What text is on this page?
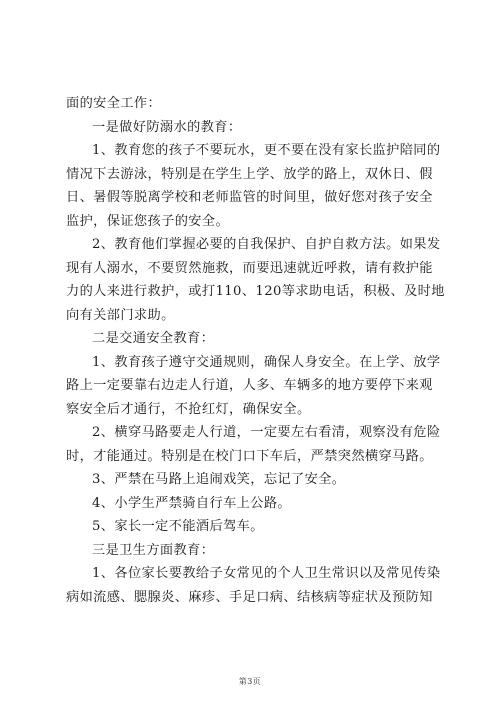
面的安全工作：
一是做好防溺水的教育：
1、教育您的孩子不要玩水，更不要在没有家长监护陪同的
情况下去游泳，特别是在学生上学、放学的路上，双休日、假
日、暑假等脱离学校和老师监管的时间里，做好您对孩子安全
监护，保证您孩子的安全。
2、教育他们掌握必要的自我保护、自护自救方法。如果发
现有人溺水，不要贸然施救，而要迅速就近呼救，请有救护能
力的人来进行救护，或打110、120等求助电话，积极、及时地
向有关部门求助。
二是交通安全教育：
1、教育孩子遵守交通规则，确保人身安全。在上学、放学
路上一定要靠右边走人行道，人多、车辆多的地方要停下来观
察安全后才通行，不抢红灯，确保安全。
2、横穿马路要走人行道，一定要左右看清，观察没有危险
时，才能通过。特别是在校门口下车后，严禁突然横穿马路。
3、严禁在马路上追闹戏笑，忘记了安全。
4、小学生严禁骑自行车上公路。
5、家长一定不能酒后驾车。
三是卫生方面教育：
1、各位家长要教给子女常见的个人卫生常识以及常见传染
病如流感、腮腺炎、麻疹、手足口病、结核病等症状及预防知
第3页
